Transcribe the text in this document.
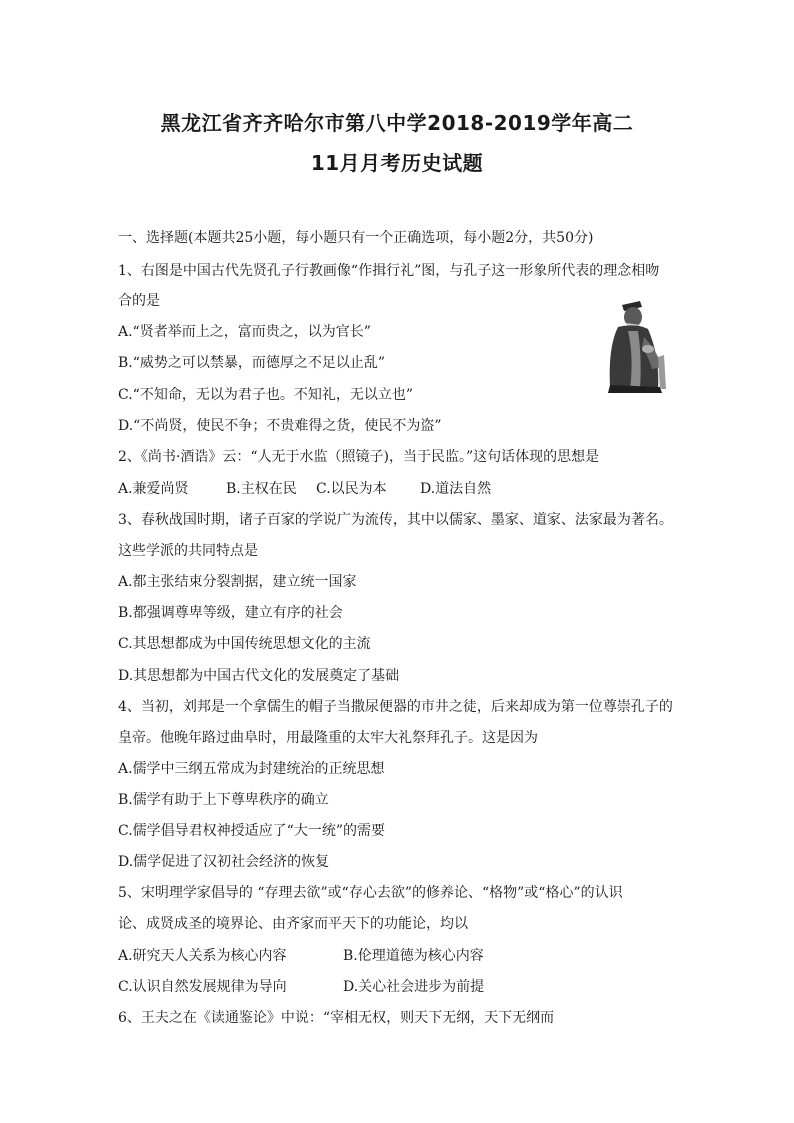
黑龙江省齐齐哈尔市第八中学2018-2019学年高二
11月月考历史试题
一、选择题(本题共25小题，每小题只有一个正确选项，每小题2分，共50分)
1、右图是中国古代先贤孔子行教画像“作揖行礼”图，与孔子这一形象所代表的理念相吻
合的是
A.“贤者举而上之，富而贵之，以为官长”
B.“威势之可以禁暴，而德厚之不足以止乱”
C.“不知命，无以为君子也。不知礼，无以立也”
D.“不尚贤，使民不争；不贵难得之货，使民不为盗”
2、《尚书·酒诰》云：“人无于水监（照镜子)，当于民监。”这句话体现的思想是
A.兼爱尚贤	B.主权在民 C.以民为本 D.道法自然
3、春秋战国时期，诸子百家的学说广为流传，其中以儒家、墨家、道家、法家最为著名。
这些学派的共同特点是
A.都主张结束分裂割据，建立统一国家
B.都强调尊卑等级，建立有序的社会
C.其思想都成为中国传统思想文化的主流
D.其思想都为中国古代文化的发展奠定了基础
4、当初，刘邦是一个拿儒生的帽子当撒尿便器的市井之徒，后来却成为第一位尊崇孔子的
皇帝。他晚年路过曲阜时，用最隆重的太牢大礼祭拜孔子。这是因为
A.儒学中三纲五常成为封建统治的正统思想
B.儒学有助于上下尊卑秩序的确立
C.儒学倡导君权神授适应了“大一统”的需要
D.儒学促进了汉初社会经济的恢复
5、宋明理学家倡导的 “存理去欲”或“存心去欲”的修养论、“格物”或“格心”的认识
论、成贤成圣的境界论、由齐家而平天下的功能论，均以
A.研究天人关系为核心内容	B.伦理道德为核心内容
C.认识自然发展规律为导向	D.关心社会进步为前提
6、王夫之在《读通鉴论》中说：“宰相无权，则天下无纲，天下无纲而
